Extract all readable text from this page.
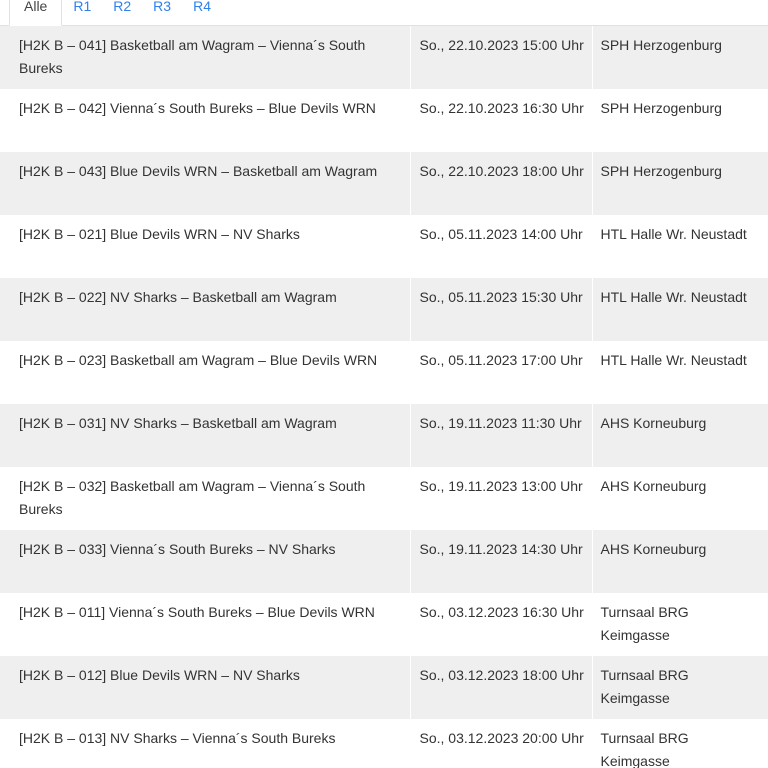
Alle	R1	R2	R3	R4
[H2K B – 041] Basketball am Wagram – Vienna´s South Bureks	So., 22.10.2023 15:00 Uhr	SPH Herzogenburg
[H2K B – 042] Vienna´s South Bureks – Blue Devils WRN	So., 22.10.2023 16:30 Uhr	SPH Herzogenburg
[H2K B – 043] Blue Devils WRN – Basketball am Wagram	So., 22.10.2023 18:00 Uhr	SPH Herzogenburg
[H2K B – 021] Blue Devils WRN – NV Sharks	So., 05.11.2023 14:00 Uhr	HTL Halle Wr. Neustadt
[H2K B – 022] NV Sharks – Basketball am Wagram	So., 05.11.2023 15:30 Uhr	HTL Halle Wr. Neustadt
[H2K B – 023] Basketball am Wagram – Blue Devils WRN	So., 05.11.2023 17:00 Uhr	HTL Halle Wr. Neustadt
[H2K B – 031] NV Sharks – Basketball am Wagram	So., 19.11.2023 11:30 Uhr	AHS Korneuburg
[H2K B – 032] Basketball am Wagram – Vienna´s South Bureks	So., 19.11.2023 13:00 Uhr	AHS Korneuburg
[H2K B – 033] Vienna´s South Bureks – NV Sharks	So., 19.11.2023 14:30 Uhr	AHS Korneuburg
[H2K B – 011] Vienna´s South Bureks – Blue Devils WRN	So., 03.12.2023 16:30 Uhr	Turnsaal BRG Keimgasse
[H2K B – 012] Blue Devils WRN – NV Sharks	So., 03.12.2023 18:00 Uhr	Turnsaal BRG Keimgasse
[H2K B – 013] NV Sharks – Vienna´s South Bureks	So., 03.12.2023 20:00 Uhr	Turnsaal BRG Keimgasse
